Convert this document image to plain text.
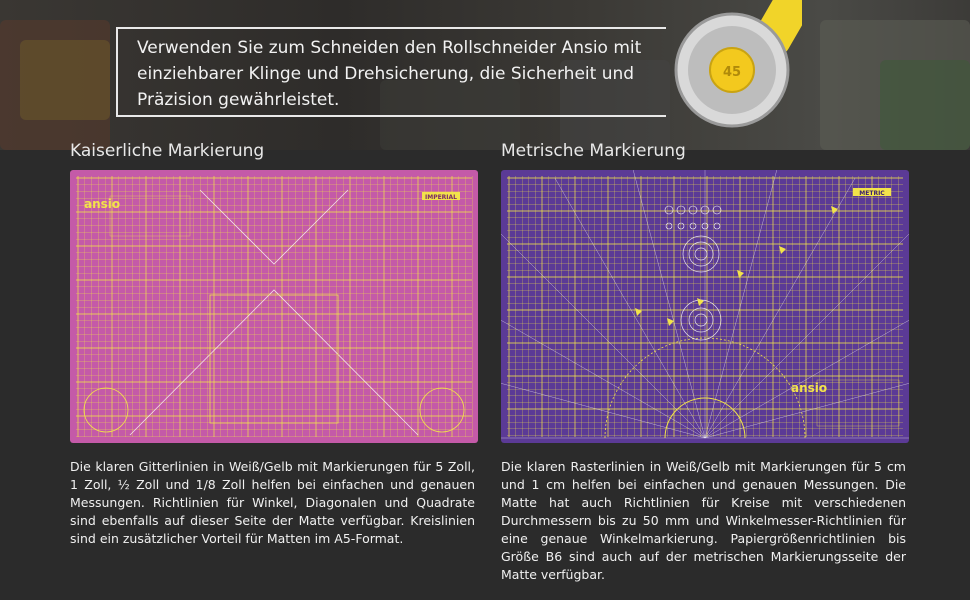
45
Verwenden Sie zum Schneiden den Rollschneider Ansio mit einziehbarer Klinge und Drehsicherung, die Sicherheit und Präzision gewährleistet.
Kaiserliche Markierung
IMPERIAL
ansio
Die klaren Gitterlinien in Weiß/Gelb mit Markierungen für 5 Zoll, 1 Zoll, ½ Zoll und 1/8 Zoll helfen bei einfachen und genauen Messungen. Richtlinien für Winkel, Diagonalen und Quadrate sind ebenfalls auf dieser Seite der Matte verfügbar. Kreislinien sind ein zusätzlicher Vorteil für Matten im A5-Format.
Metrische Markierung
METRIC
ansio
Die klaren Rasterlinien in Weiß/Gelb mit Markierungen für 5 cm und 1 cm helfen bei einfachen und genauen Messungen. Die Matte hat auch Richtlinien für Kreise mit verschiedenen Durchmessern bis zu 50 mm und Winkelmesser-Richtlinien für eine genaue Winkelmarkierung. Papiergrößenrichtlinien bis Größe B6 sind auch auf der metrischen Markierungsseite der Matte verfügbar.
